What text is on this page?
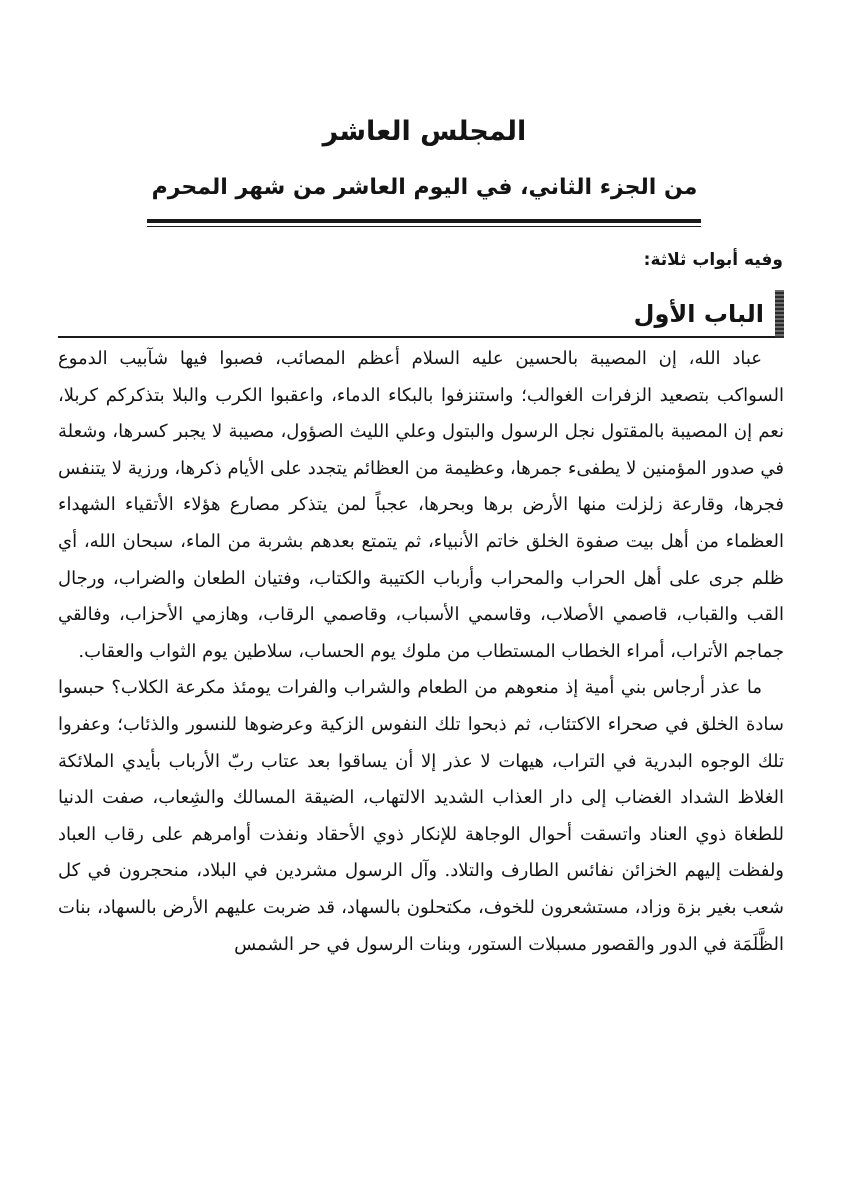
المجلس العاشر
من الجزء الثاني، في اليوم العاشر من شهر المحرم
وفيه أبواب ثلاثة:
الباب الأول

عباد الله، إن المصيبة بالحسين عليه السلام أعظم المصائب، فصبوا فيها شآبيب الدموع السواكب بتصعيد الزفرات الغوالب؛ واستنزفوا بالبكاء الدماء، واعقبوا الكرب والبلا بتذكركم كربلا، نعم إن المصيبة بالمقتول نجل الرسول والبتول وعلي الليث الصؤول، مصيبة لا يجبر كسرها، وشعلة في صدور المؤمنين لا يطفىء جمرها، وعظيمة من العظائم يتجدد على الأيام ذكرها، ورزية لا يتنفس فجرها، وقارعة زلزلت منها الأرض برها وبحرها، عجباً لمن يتذكر مصارع هؤلاء الأتقياء الشهداء العظماء من أهل بيت صفوة الخلق خاتم الأنبياء، ثم يتمتع بعدهم بشربة من الماء، سبحان الله، أي ظلم جرى على أهل الحراب والمحراب وأرباب الكتيبة والكتاب، وفتيان الطعان والضراب، ورجال القب والقباب، قاصمي الأصلاب، وقاسمي الأسباب، وقاصمي الرقاب، وهازمي الأحزاب، وفالقي جماجم الأتراب، أمراء الخطاب المستطاب من ملوك يوم الحساب، سلاطين يوم الثواب والعقاب.

ما عذر أرجاس بني أمية إذ منعوهم من الطعام والشراب والفرات يومئذ مكرعة الكلاب؟ حبسوا سادة الخلق في صحراء الاكتئاب، ثم ذبحوا تلك النفوس الزكية وعرضوها للنسور والذئاب؛ وعفروا تلك الوجوه البدرية في التراب، هيهات لا عذر إلا أن يساقوا بعد عتاب ربّ الأرباب بأيدي الملائكة الغلاظ الشداد الغضاب إلى دار العذاب الشديد الالتهاب، الضيقة المسالك والشِعاب، صفت الدنيا للطغاة ذوي العناد واتسقت أحوال الوجاهة للإنكار ذوي الأحقاد ونفذت أوامرهم على رقاب العباد ولفظت إليهم الخزائن نفائس الطارف والتلاد. وآل الرسول مشردين في البلاد، منحجرون في كل شعب بغير بزة وزاد، مستشعرون للخوف، مكتحلون بالسهاد، قد ضربت عليهم الأرض بالسهاد، بنات الظَّلَمَة في الدور والقصور مسبلات الستور، وبنات الرسول في حر الشمس
